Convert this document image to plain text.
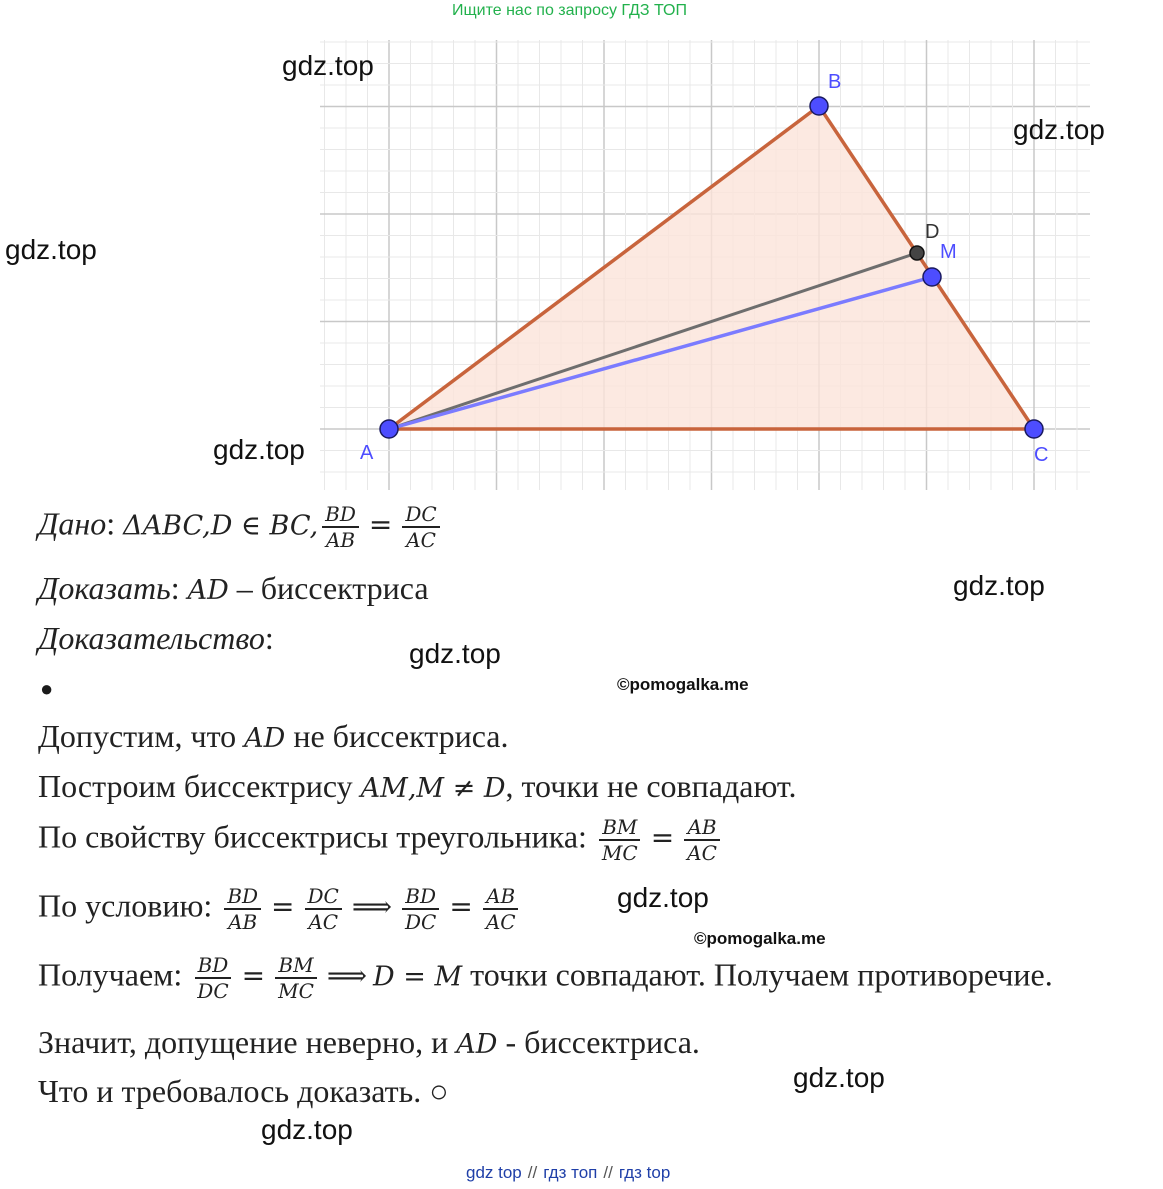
Ищите нас по запросу ГДЗ ТОП
A
B
C
D
M
gdz.top
gdz.top
gdz.top
gdz.top
gdz.top
gdz.top
gdz.top
gdz.top
gdz.top
©pomogalka.me
©pomogalka.me
Дано: ΔABC,D ∈ BC, $\frac{BD}{AB} = \frac{DC}{AC}$
Доказать: AD – биссектриса
Доказательство:
●
Допустим, что AD не биссектриса.
Построим биссектрису AM,M ≠ D, точки не совпадают.
По свойству биссектрисы треугольника: $\frac{BM}{MC} = \frac{AB}{AC}$
По условию: $\frac{BD}{AB} = \frac{DC}{AC}$ ⟹ $\frac{BD}{DC} = \frac{AB}{AC}$
Получаем: $\frac{BD}{DC} = \frac{BM}{MC}$ ⟹ D = M точки совпадают. Получаем противоречие.
Значит, допущение неверно, и AD - биссектриса.
Что и требовалось доказать. ○
gdz top // гдз топ // гдз top
